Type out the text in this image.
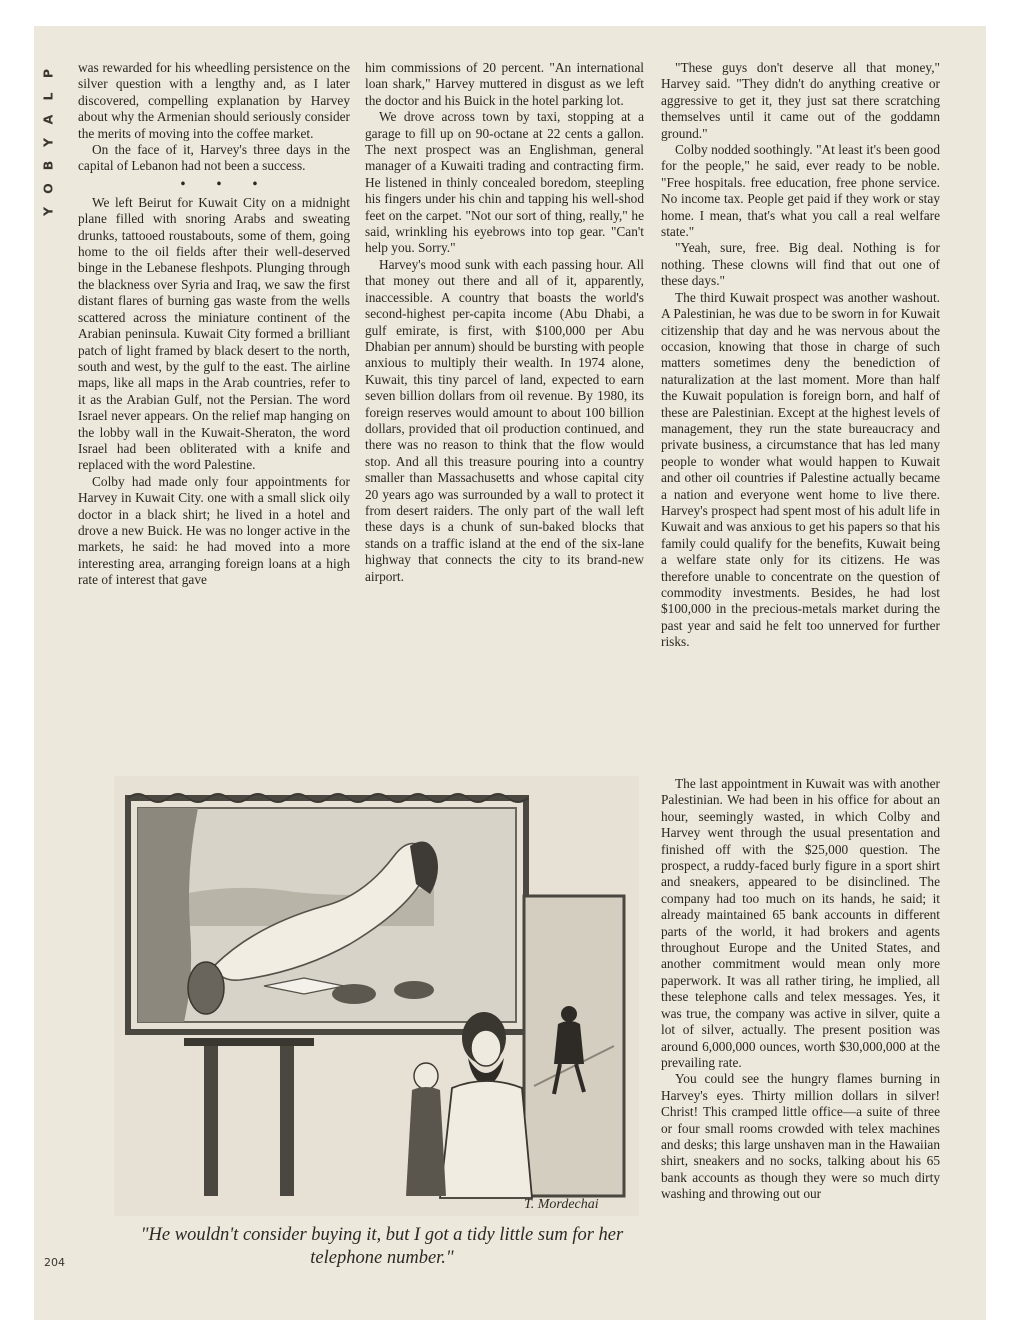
P
L
A
Y
B
O
Y

was rewarded for his wheedling persistence on the silver question with a lengthy and, as I later discovered, compelling explanation by Harvey about why the Armenian should seriously consider the merits of moving into the coffee market.

On the face of it, Harvey's three days in the capital of Lebanon had not been a success.

• • •

We left Beirut for Kuwait City on a midnight plane filled with snoring Arabs and sweating drunks, tattooed roustabouts, some of them, going home to the oil fields after their well-deserved binge in the Lebanese fleshpots. Plunging through the blackness over Syria and Iraq, we saw the first distant flares of burning gas waste from the wells scattered across the miniature continent of the Arabian peninsula. Kuwait City formed a brilliant patch of light framed by black desert to the north, south and west, by the gulf to the east. The airline maps, like all maps in the Arab countries, refer to it as the Arabian Gulf, not the Persian. The word Israel never appears. On the relief map hanging on the lobby wall in the Kuwait-Sheraton, the word Israel had been obliterated with a knife and replaced with the word Palestine.

Colby had made only four appointments for Harvey in Kuwait City. one with a small slick oily doctor in a black shirt; he lived in a hotel and drove a new Buick. He was no longer active in the markets, he said: he had moved into a more interesting area, arranging foreign loans at a high rate of interest that gave

him commissions of 20 percent. "An international loan shark," Harvey muttered in disgust as we left the doctor and his Buick in the hotel parking lot.

We drove across town by taxi, stopping at a garage to fill up on 90-octane at 22 cents a gallon. The next prospect was an Englishman, general manager of a Kuwaiti trading and contracting firm. He listened in thinly concealed boredom, steepling his fingers under his chin and tapping his well-shod feet on the carpet. "Not our sort of thing, really," he said, wrinkling his eyebrows into top gear. "Can't help you. Sorry."

Harvey's mood sunk with each passing hour. All that money out there and all of it, apparently, inaccessible. A country that boasts the world's second-highest per-capita income (Abu Dhabi, a gulf emirate, is first, with $100,000 per Abu Dhabian per annum) should be bursting with people anxious to multiply their wealth. In 1974 alone, Kuwait, this tiny parcel of land, expected to earn seven billion dollars from oil revenue. By 1980, its foreign reserves would amount to about 100 billion dollars, provided that oil production continued, and there was no reason to think that the flow would stop. And all this treasure pouring into a country smaller than Massachusetts and whose capital city 20 years ago was surrounded by a wall to protect it from desert raiders. The only part of the wall left these days is a chunk of sun-baked blocks that stands on a traffic island at the end of the six-lane highway that connects the city to its brand-new airport.

"These guys don't deserve all that money," Harvey said. "They didn't do anything creative or aggressive to get it, they just sat there scratching themselves until it came out of the goddamn ground."

Colby nodded soothingly. "At least it's been good for the people," he said, ever ready to be noble. "Free hospitals. free education, free phone service. No income tax. People get paid if they work or stay home. I mean, that's what you call a real welfare state."

"Yeah, sure, free. Big deal. Nothing is for nothing. These clowns will find that out one of these days."

The third Kuwait prospect was another washout. A Palestinian, he was due to be sworn in for Kuwait citizenship that day and he was nervous about the occasion, knowing that those in charge of such matters sometimes deny the benediction of naturalization at the last moment. More than half the Kuwait population is foreign born, and half of these are Palestinian. Except at the highest levels of management, they run the state bureaucracy and private business, a circumstance that has led many people to wonder what would happen to Kuwait and other oil countries if Palestine actually became a nation and everyone went home to live there. Harvey's prospect had spent most of his adult life in Kuwait and was anxious to get his papers so that his family could qualify for the benefits, Kuwait being a welfare state only for its citizens. He was therefore unable to concentrate on the question of commodity investments. Besides, he had lost $100,000 in the precious-metals market during the past year and said he felt too unnerved for further risks.

The last appointment in Kuwait was with another Palestinian. We had been in his office for about an hour, seemingly wasted, in which Colby and Harvey went through the usual presentation and finished off with the $25,000 question. The prospect, a ruddy-faced burly figure in a sport shirt and sneakers, appeared to be disinclined. The company had too much on its hands, he said; it already maintained 65 bank accounts in different parts of the world, it had brokers and agents throughout Europe and the United States, and another commitment would mean only more paperwork. It was all rather tiring, he implied, all these telephone calls and telex messages. Yes, it was true, the company was active in silver, quite a lot of silver, actually. The present position was around 6,000,000 ounces, worth $30,000,000 at the prevailing rate.

You could see the hungry flames burning in Harvey's eyes. Thirty million dollars in silver! Christ! This cramped little office—a suite of three or four small rooms crowded with telex machines and desks; this large unshaven man in the Hawaiian shirt, sneakers and no socks, talking about his 65 bank accounts as though they were so much dirty washing and throwing out our

T. Mordechai
"He wouldn't consider buying it, but I got a tidy little sum for her telephone number."
204
